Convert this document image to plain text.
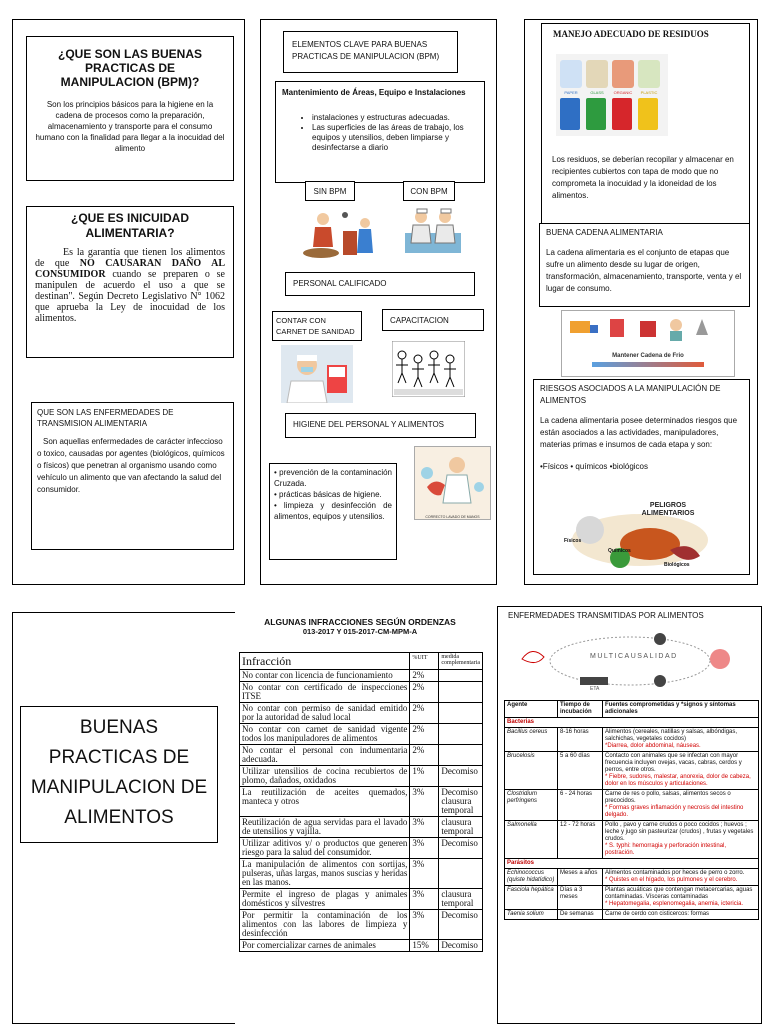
¿QUE SON LAS BUENAS PRACTICAS DE MANIPULACION (BPM)?
Son los principios básicos para la higiene en la cadena de procesos como la preparación, almacenamiento y transporte para el consumo humano con la finalidad para llegar a la inocuidad del alimento
¿QUE ES INICUIDAD ALIMENTARIA?
Es la garantía que tienen los alimentos de que NO CAUSARAN DAÑO AL CONSUMIDOR cuando se preparen o se manipulen de acuerdo el uso a que se destinan". Según Decreto Legislativo N° 1062 que aprueba la Ley de inocuidad de los alimentos.
QUE SON LAS ENFERMEDADES DE TRANSMISION ALIMENTARIA
Son aquellas enfermedades de carácter infeccioso o toxico, causadas por agentes (biológicos, químicos o físicos) que penetran al organismo usando como vehículo un alimento que van afectando la salud del consumidor.
ELEMENTOS CLAVE PARA BUENAS PRACTICAS DE MANIPULACION (BPM)
Mantenimiento de Áreas, Equipo e Instalaciones
• instalaciones y estructuras adecuadas.
• Las superficies de las áreas de trabajo, los equipos y utensilios, deben limpiarse y desinfectarse a diario
SIN BPM	CON BPM
PERSONAL CALIFICADO
CONTAR CON CARNET DE SANIDAD
CAPACITACION
HIGIENE DEL PERSONAL Y ALIMENTOS
• prevención de la contaminación Cruzada.
• prácticas básicas de higiene.
• limpieza y desinfección de alimentos, equipos y utensilios.	CORRECTO LAVADO DE MANOS
MANEJO ADECUADO DE RESIDUOS
PAPER	GLASS	ORGANIC	PLASTIC
Los residuos, se deberían recopilar y almacenar en recipientes cubiertos con tapa de modo que no comprometa la inocuidad y la idoneidad de los alimentos.
BUENA CADENA ALIMENTARIA
La cadena alimentaria es el conjunto de etapas que sufre un alimento desde su lugar de origen, transformación, almacenamiento, transporte, venta y el lugar de consumo.
Mantener Cadena de Frio
RIESGOS ASOCIADOS A LA MANIPULACIÓN DE ALIMENTOS
La cadena alimentaria posee determinados riesgos que están asociados a las actividades, manipuladores, materias primas e insumos de cada etapa y son:
•Físicos • químicos •biológicos
PELIGROS ALIMENTARIOS
Físicos
Químicos
Biológicos
BUENAS PRACTICAS DE MANIPULACION DE ALIMENTOS
ALGUNAS INFRACCIONES SEGÚN ORDENZAS
013-2017 Y 015-2017-CM-MPM-A
Infracción	%UIT	medida complementaria
No contar con licencia de funcionamiento	2%	
No contar con certificado de inspecciones ITSE	2%	
No contar con permiso de sanidad emitido por la autoridad de salud local	2%	
No contar con carnet de sanidad vigente todos los manipuladores de alimentos	2%	
No contar el personal con indumentaria adecuada.	2%	
Utilizar utensilios de cocina recubiertos de plomo, dañados, oxidados	1%	Decomiso
La reutilización de aceites quemados, manteca y otros	3%	Decomiso clausura temporal
Reutilización de agua servidas para el lavado de utensilios y vajilla.	3%	clausura temporal
Utilizar aditivos y/ o productos que generen riesgo para la salud del consumidor.	3%	Decomiso
La manipulación de alimentos con sortijas, pulseras, uñas largas, manos suscias y heridas en las manos.	3%	
Permite el ingreso de plagas y animales domésticos y silvestres	3%	clausura temporal
Por permitir la contaminación de los alimentos con las labores de limpieza y desinfección	3%	Decomiso
Por comercializar carnes de animales	15%	Decomiso
ENFERMEDADES TRANSMITIDAS POR ALIMENTOS
MULTICAUSALIDAD
ETA
Agente	Tiempo de incubación	Fuentes comprometidas y *signos y síntomas adicionales
Bacterias		
Bacillus cereus	8-16 horas	Alimentos (cereales, natillas y salsas, albóndigas, salchichas, vegetales cocidos)
*Diarrea, dolor abdominal, náuseas.

Brucelosis	5 a 60 días	Contacto con animales que se infectan con mayor frecuencia incluyen ovejas, vacas, cabras, cerdos y perros, entre otros.
* Fiebre, sudores, malestar, anorexia, dolor de cabeza, dolor en los músculos y articulaciones.

Clostridium perfringens	6 - 24 horas	Carne de res o pollo, salsas, alimentos secos o precocidos.
* Formas graves inflamación y necrosis del intestino delgado.

Salmonella	12 - 72 horas	Pollo , pavo y carne crudos o poco cocidos ; huevos ; leche y jugo sin pasteurizar (crudos) , frutas y vegetales crudos.
* S. typhi: hemorragia y perforación intestinal, postración.

Parásitos		
Echinococcus (quiste hidatídico)	Meses a años	Alimentos contaminados por heces de perro o zorro.
* Quistes en el hígado, los pulmones y el cerebro.

Fasciola hepática	Días a 3 meses	Plantas acuáticas que contengan metacercarias, aguas contaminadas. Vísceras contaminadas
* Hepatomegalia, esplenomegalia, anemia, ictericia.

Taenia solium	De semanas	Carne de cerdo con cisticercos: formas
